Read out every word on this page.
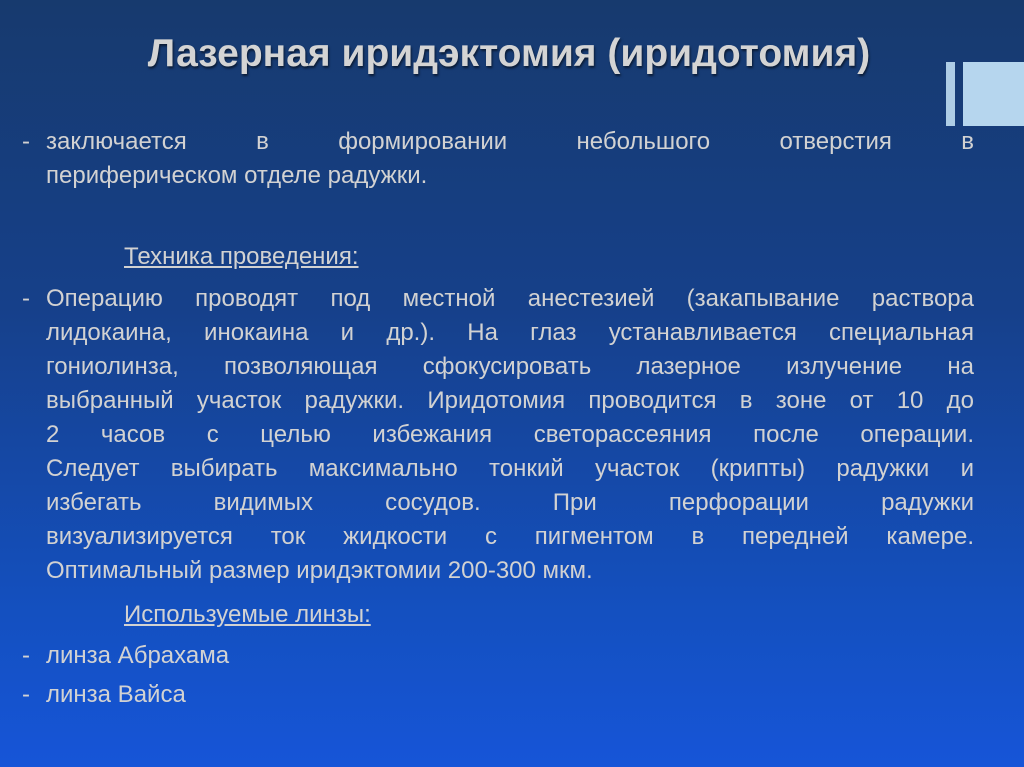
Лазерная иридэктомия (иридотомия)
- заключается в формировании небольшого отверстия в
периферическом отделе радужки.
Техника проведения:
- Операцию проводят под местной анестезией (закапывание раствора
лидокаина, инокаина и др.). На глаз устанавливается специальная
гониолинза, позволяющая сфокусировать лазерное излучение на
выбранный участок радужки. Иридотомия проводится в зоне от 10 до
2 часов с целью избежания светорассеяния после операции.
Следует выбирать максимально тонкий участок (крипты) радужки и
избегать видимых сосудов. При перфорации радужки
визуализируется ток жидкости с пигментом в передней камере.
Оптимальный размер иридэктомии 200-300 мкм.
Используемые линзы:
- линза Абрахама
- линза Вайса
